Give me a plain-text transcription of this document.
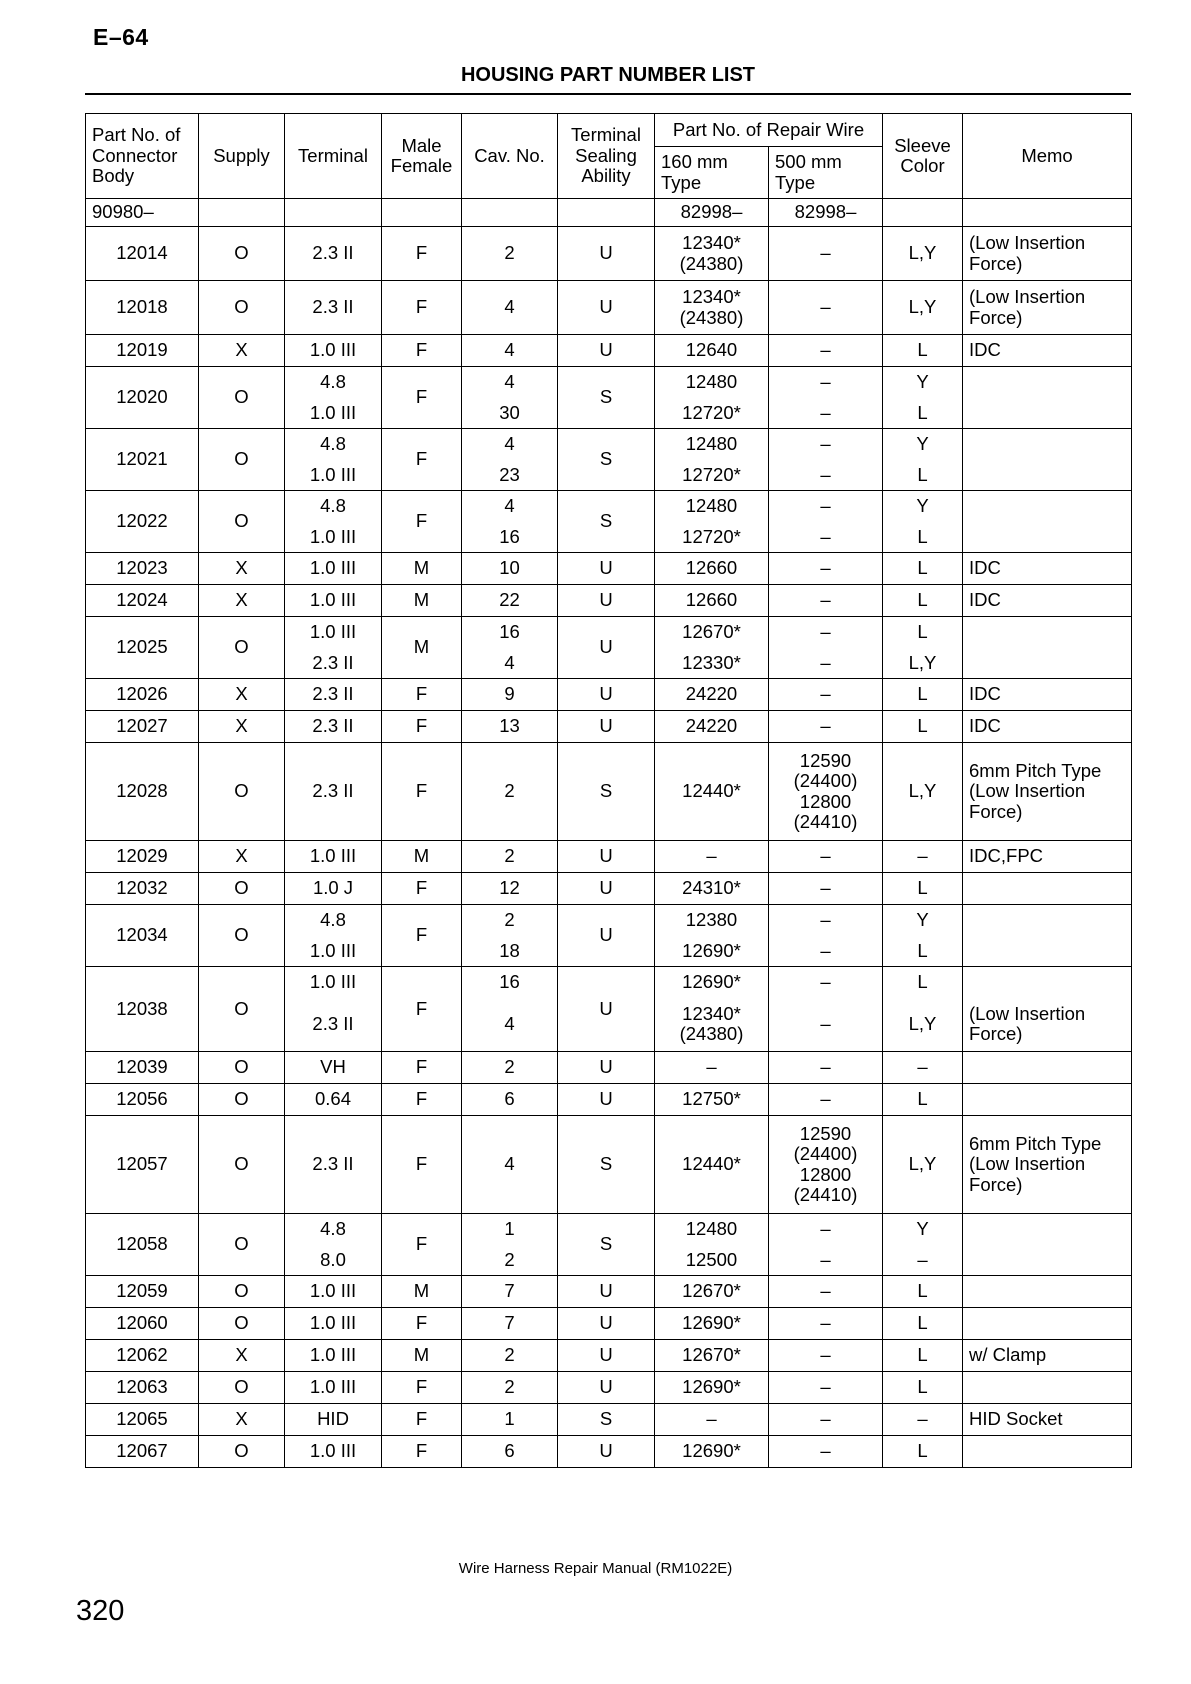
E–64
HOUSING PART NUMBER LIST
Part No. of Connector Body	Supply	Terminal	Male Female	Cav. No.	Terminal Sealing Ability	Part No. of Repair Wire		Sleeve Color	Memo
						160 mm Type	500 mm Type		
90980–						82998–	82998–		
12014	O	2.3 II	F	2	U	12340* (24380)	–	L,Y	(Low Insertion Force)
12018	O	2.3 II	F	4	U	12340* (24380)	–	L,Y	(Low Insertion Force)
12019	X	1.0 III	F	4	U	12640	–	L	IDC
12020	O	4.8	F	4	S	12480	–	Y	
		1.0 III		30		12720*	–	L	
12021	O	4.8	F	4	S	12480	–	Y	
		1.0 III		23		12720*	–	L	
12022	O	4.8	F	4	S	12480	–	Y	
		1.0 III		16		12720*	–	L	
12023	X	1.0 III	M	10	U	12660	–	L	IDC
12024	X	1.0 III	M	22	U	12660	–	L	IDC
12025	O	1.0 III	M	16	U	12670*	–	L	
		2.3 II		4		12330*	–	L,Y	
12026	X	2.3 II	F	9	U	24220	–	L	IDC
12027	X	2.3 II	F	13	U	24220	–	L	IDC
12028	O	2.3 II	F	2	S	12440*	12590 (24400) 12800 (24410)	L,Y	6mm Pitch Type (Low Insertion Force)
12029	X	1.0 III	M	2	U	–	–	–	IDC,FPC
12032	O	1.0 J	F	12	U	24310*	–	L	
12034	O	4.8	F	2	U	12380	–	Y	
		1.0 III		18		12690*	–	L	
12038	O	1.0 III	F	16	U	12690*	–	L	
		2.3 II		4		12340* (24380)	–	L,Y	(Low Insertion Force)
12039	O	VH	F	2	U	–	–	–	
12056	O	0.64	F	6	U	12750*	–	L	
12057	O	2.3 II	F	4	S	12440*	12590 (24400) 12800 (24410)	L,Y	6mm Pitch Type (Low Insertion Force)
12058	O	4.8	F	1	S	12480	–	Y	
		8.0		2		12500	–	–	
12059	O	1.0 III	M	7	U	12670*	–	L	
12060	O	1.0 III	F	7	U	12690*	–	L	
12062	X	1.0 III	M	2	U	12670*	–	L	w/ Clamp
12063	O	1.0 III	F	2	U	12690*	–	L	
12065	X	HID	F	1	S	–	–	–	HID Socket
12067	O	1.0 III	F	6	U	12690*	–	L	
Wire Harness Repair Manual (RM1022E)
320
